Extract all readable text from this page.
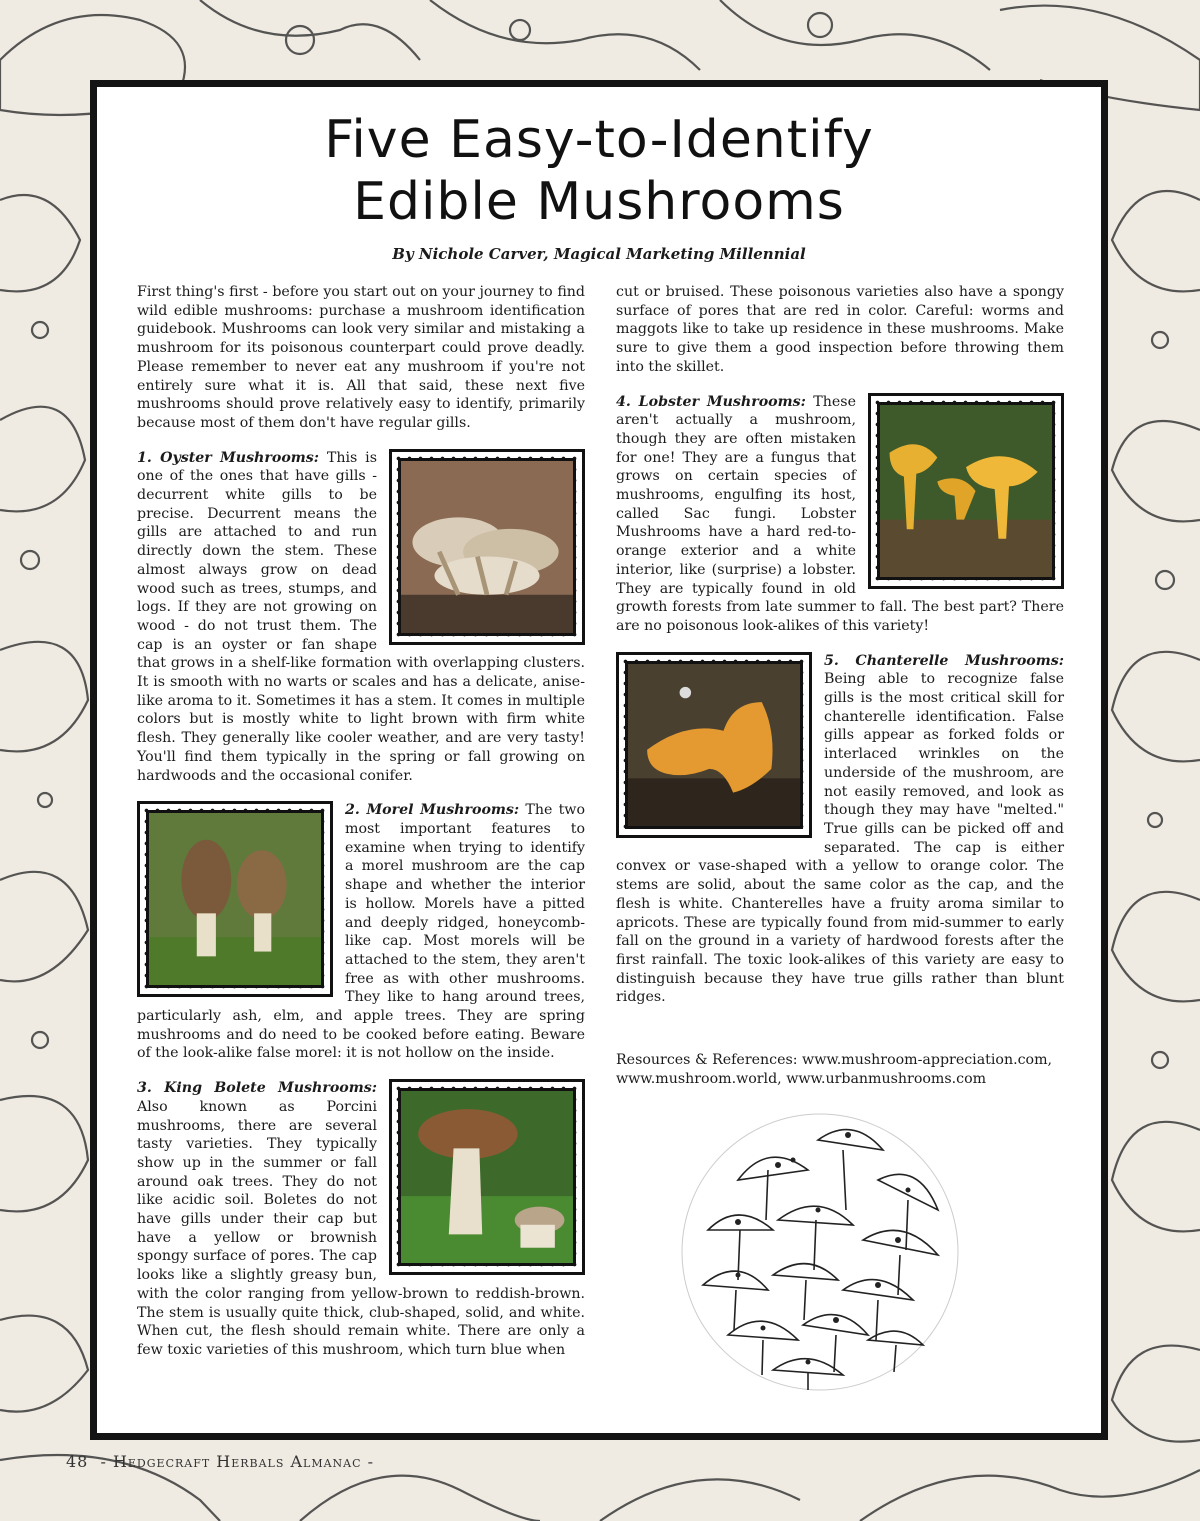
Five Easy-to-Identify
Edible Mushrooms
By Nichole Carver, Magical Marketing Millennial

First thing's first - before you start out on your journey to find wild edible mushrooms: purchase a mushroom identification guidebook. Mushrooms can look very similar and mistaking a mushroom for its poisonous counterpart could prove deadly. Please remember to never eat any mushroom if you're not entirely sure what it is. All that said, these next five mushrooms should prove relatively easy to identify, primarily because most of them don't have regular gills.

1. Oyster Mushrooms: This is one of the ones that have gills - decurrent white gills to be precise. Decurrent means the gills are attached to and run directly down the stem. These almost always grow on dead wood such as trees, stumps, and logs. If they are not growing on wood - do not trust them. The cap is an oyster or fan shape that grows in a shelf-like formation with overlapping clusters. It is smooth with no warts or scales and has a delicate, anise-like aroma to it. Sometimes it has a stem. It comes in multiple colors but is mostly white to light brown with firm white flesh. They generally like cooler weather, and are very tasty! You'll find them typically in the spring or fall growing on hardwoods and the occasional conifer.

2. Morel Mushrooms: The two most important features to examine when trying to identify a morel mushroom are the cap shape and whether the interior is hollow. Morels have a pitted and deeply ridged, honeycomb-like cap. Most morels will be attached to the stem, they aren't free as with other mushrooms. They like to hang around trees, particularly ash, elm, and apple trees. They are spring mushrooms and do need to be cooked before eating. Beware of the look-alike false morel: it is not hollow on the inside.

3. King Bolete Mushrooms: Also known as Porcini mushrooms, there are several tasty varieties. They typically show up in the summer or fall around oak trees. They do not like acidic soil. Boletes do not have gills under their cap but have a yellow or brownish spongy surface of pores. The cap looks like a slightly greasy bun, with the color ranging from yellow-brown to reddish-brown. The stem is usually quite thick, club-shaped, solid, and white. When cut, the flesh should remain white. There are only a few toxic varieties of this mushroom, which turn blue when

cut or bruised. These poisonous varieties also have a spongy surface of pores that are red in color. Careful: worms and maggots like to take up residence in these mushrooms. Make sure to give them a good inspection before throwing them into the skillet.

4. Lobster Mushrooms: These aren't actually a mushroom, though they are often mistaken for one! They are a fungus that grows on certain species of mushrooms, engulfing its host, called Sac fungi. Lobster Mushrooms have a hard red-to-orange exterior and a white interior, like (surprise) a lobster. They are typically found in old growth forests from late summer to fall. The best part? There are no poisonous look-alikes of this variety!

5. Chanterelle Mushrooms: Being able to recognize false gills is the most critical skill for chanterelle identification. False gills appear as forked folds or interlaced wrinkles on the underside of the mushroom, are not easily removed, and look as though they may have "melted." True gills can be picked off and separated. The cap is either convex or vase-shaped with a yellow to orange color. The stems are solid, about the same color as the cap, and the flesh is white. Chanterelles have a fruity aroma similar to apricots. These are typically found from mid-summer to early fall on the ground in a variety of hardwood forests after the first rainfall. The toxic look-alikes of this variety are easy to distinguish because they have true gills rather than blunt ridges.

Resources & References: www.mushroom-appreciation.com, www.mushroom.world, www.urbanmushrooms.com

48 - Hedgecraft Herbals Almanac -
